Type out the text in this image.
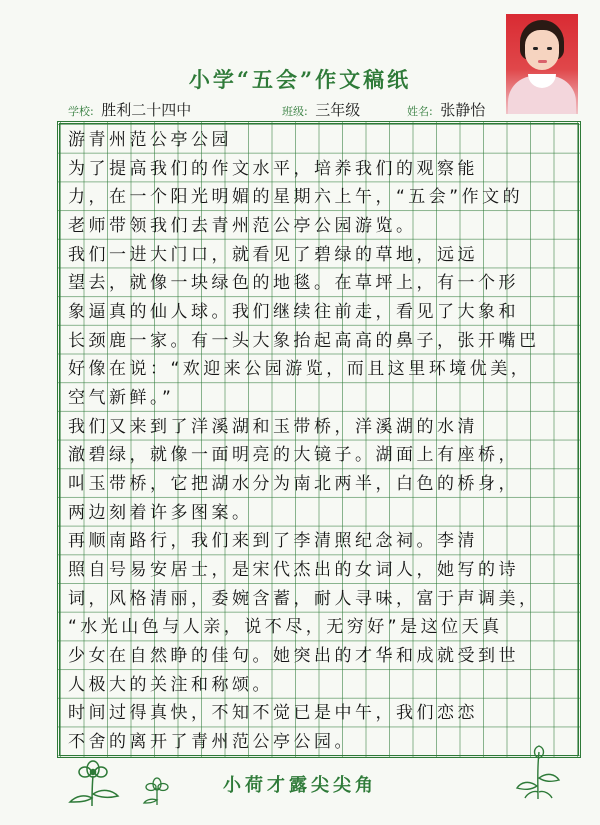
小学“五会”作文稿纸
学校: 胜利二十四中	班级: 三年级	姓名: 张静怡
游青州范公亭公园
为了提高我们的作文水平，培养我们的观察能
力，在一个阳光明媚的星期六上午，“五会”作文的
老师带领我们去青州范公亭公园游览。
我们一进大门口，就看见了碧绿的草地，远远
望去，就像一块绿色的地毯。在草坪上，有一个形
象逼真的仙人球。我们继续往前走，看见了大象和
长颈鹿一家。有一头大象抬起高高的鼻子，张开嘴巴
好像在说：“欢迎来公园游览，而且这里环境优美，
空气新鲜。”
我们又来到了洋溪湖和玉带桥，洋溪湖的水清
澈碧绿，就像一面明亮的大镜子。湖面上有座桥，
叫玉带桥，它把湖水分为南北两半，白色的桥身，
两边刻着许多图案。
再顺南路行，我们来到了李清照纪念祠。李清
照自号易安居士，是宋代杰出的女词人，她写的诗
词，风格清丽，委婉含蓄，耐人寻味，富于声调美，
“水光山色与人亲，说不尽，无穷好”是这位天真
少女在自然睁的佳句。她突出的才华和成就受到世
人极大的关注和称颂。
时间过得真快，不知不觉已是中午，我们恋恋
不舍的离开了青州范公亭公园。
小荷才露尖尖角
